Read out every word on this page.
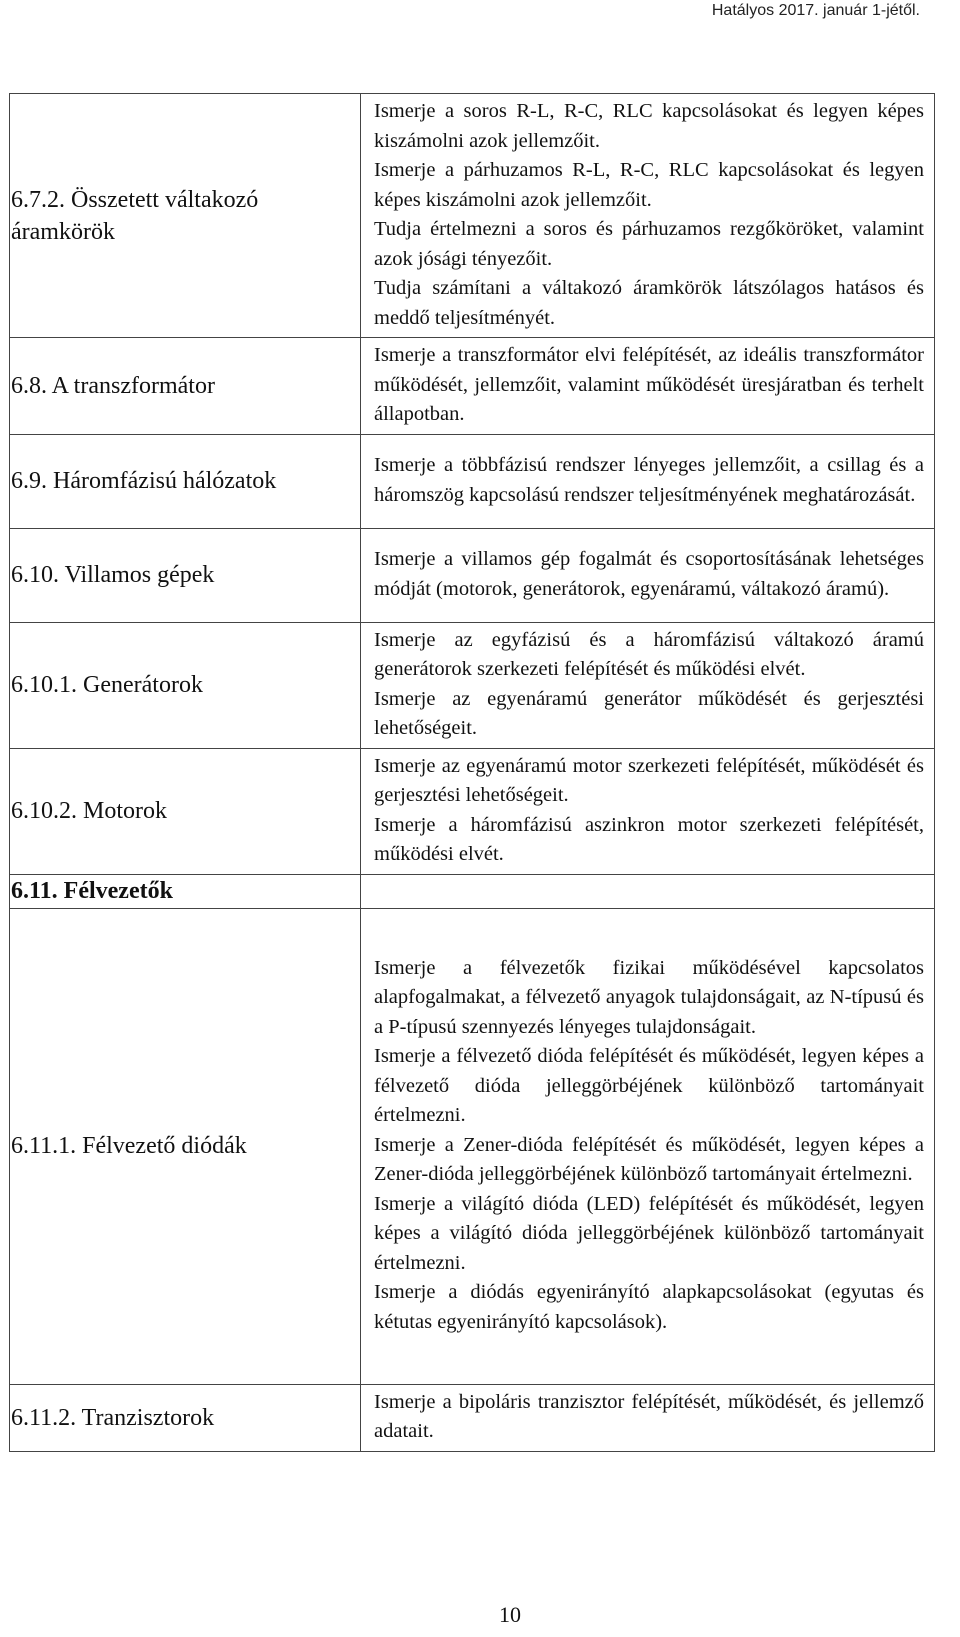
Hatályos 2017. január 1-jétől.
6.7.2. Összetett váltakozó áramkörök	Ismerje a soros R-L, R-C, RLC kapcsolásokat és legyen képes kiszámolni azok jellemzőit.

Ismerje a párhuzamos R-L, R-C, RLC kapcsolásokat és legyen képes kiszámolni azok jellemzőit.

Tudja értelmezni a soros és párhuzamos rezgőköröket, valamint azok jósági tényezőit.

Tudja számítani a váltakozó áramkörök látszólagos hatásos és meddő teljesítményét.

6.8. A transzformátor	Ismerje a transzformátor elvi felépítését, az ideális transzformátor működését, jellemzőit, valamint működését üresjáratban és terhelt állapotban.

6.9. Háromfázisú hálózatok	Ismerje a többfázisú rendszer lényeges jellemzőit, a csillag és a háromszög kapcsolású rendszer teljesítményének meghatározását.

6.10. Villamos gépek	Ismerje a villamos gép fogalmát és csoportosításának lehetséges módját (motorok, generátorok, egyenáramú, váltakozó áramú).

6.10.1. Generátorok	Ismerje az egyfázisú és a háromfázisú váltakozó áramú generátorok szerkezeti felépítését és működési elvét.

Ismerje az egyenáramú generátor működését és gerjesztési lehetőségeit.

6.10.2. Motorok	Ismerje az egyenáramú motor szerkezeti felépítését, működését és gerjesztési lehetőségeit.

Ismerje a háromfázisú aszinkron motor szerkezeti felépítését, működési elvét.

6.11. Félvezetők	

6.11.1. Félvezető diódák	Ismerje a félvezetők fizikai működésével kapcsolatos alapfogalmakat, a félvezető anyagok tulajdonságait, az N-típusú és a P-típusú szennyezés lényeges tulajdonságait.

Ismerje a félvezető dióda felépítését és működését, legyen képes a félvezető dióda jelleggörbéjének különböző tartományait értelmezni.

Ismerje a Zener-dióda felépítését és működését, legyen képes a Zener-dióda jelleggörbéjének különböző tartományait értelmezni.

Ismerje a világító dióda (LED) felépítését és működését, legyen képes a világító dióda jelleggörbéjének különböző tartományait értelmezni.

Ismerje a diódás egyenirányító alapkapcsolásokat (egyutas és kétutas egyenirányító kapcsolások).

6.11.2. Tranzisztorok	Ismerje a bipoláris tranzisztor felépítését, működését, és jellemző adatait.

10
